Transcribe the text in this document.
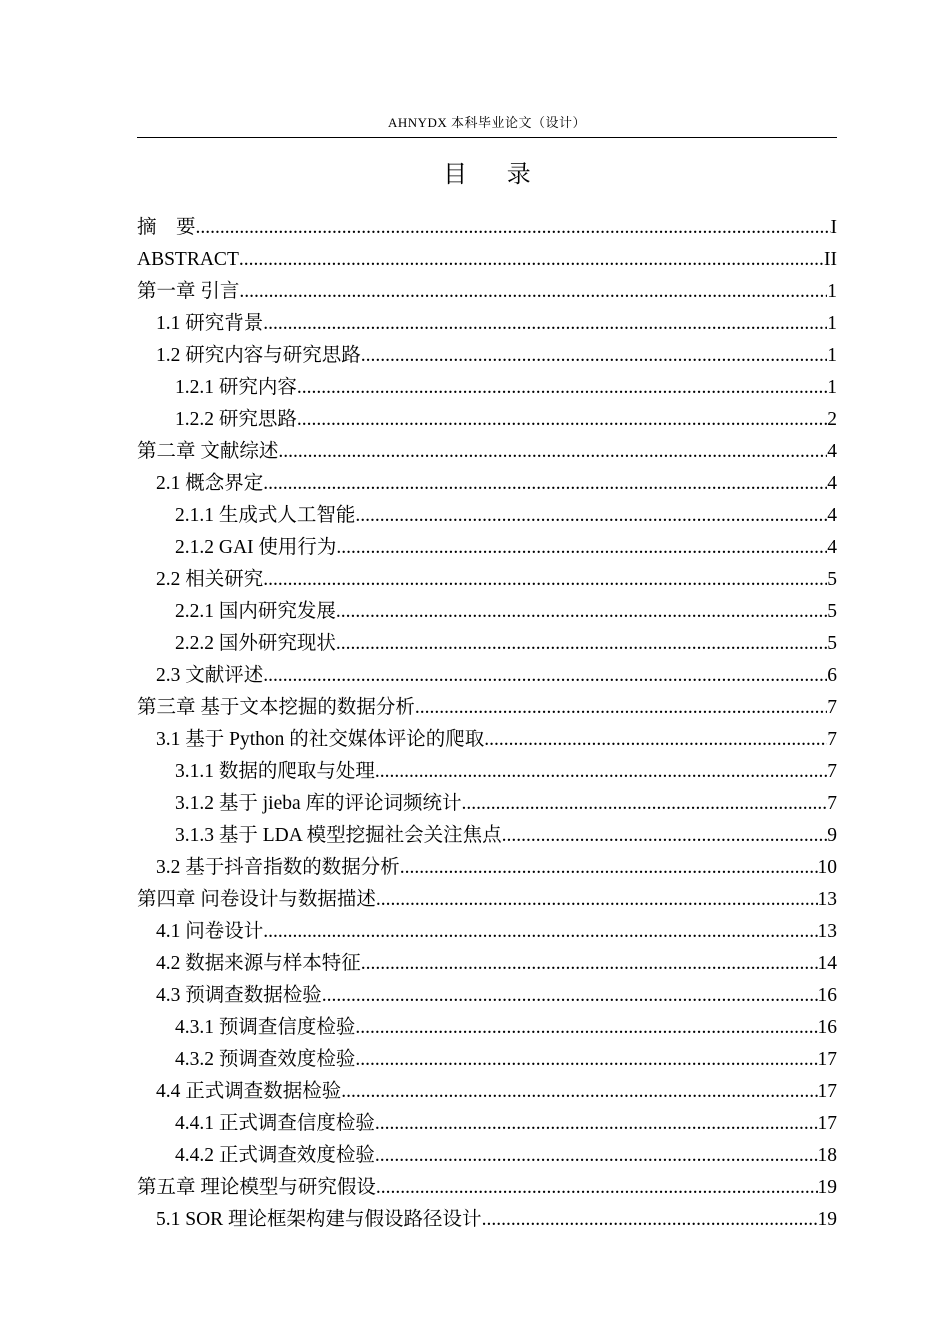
AHNYDX 本科毕业论文（设计）
目 录
摘　要 .....	I
ABSTRACT .....	II
第一章 引言 .....	1
1.1 研究背景 .....	1
1.2 研究内容与研究思路 .....	1
1.2.1 研究内容 .....	1
1.2.2 研究思路 .....	2
第二章 文献综述 .....	4
2.1 概念界定 .....	4
2.1.1 生成式人工智能 .....	4
2.1.2 GAI 使用行为 .....	4
2.2 相关研究 .....	5
2.2.1 国内研究发展 .....	5
2.2.2 国外研究现状 .....	5
2.3 文献评述 .....	6
第三章 基于文本挖掘的数据分析 .....	7
3.1 基于 Python 的社交媒体评论的爬取 .....	7
3.1.1 数据的爬取与处理 .....	7
3.1.2 基于 jieba 库的评论词频统计 .....	7
3.1.3 基于 LDA 模型挖掘社会关注焦点 .....	9
3.2 基于抖音指数的数据分析 .....	10
第四章 问卷设计与数据描述 .....	13
4.1 问卷设计 .....	13
4.2 数据来源与样本特征 .....	14
4.3 预调查数据检验 .....	16
4.3.1 预调查信度检验 .....	16
4.3.2 预调查效度检验 .....	17
4.4 正式调查数据检验 .....	17
4.4.1 正式调查信度检验 .....	17
4.4.2 正式调查效度检验 .....	18
第五章 理论模型与研究假设 .....	19
5.1 SOR 理论框架构建与假设路径设计 .....	19
